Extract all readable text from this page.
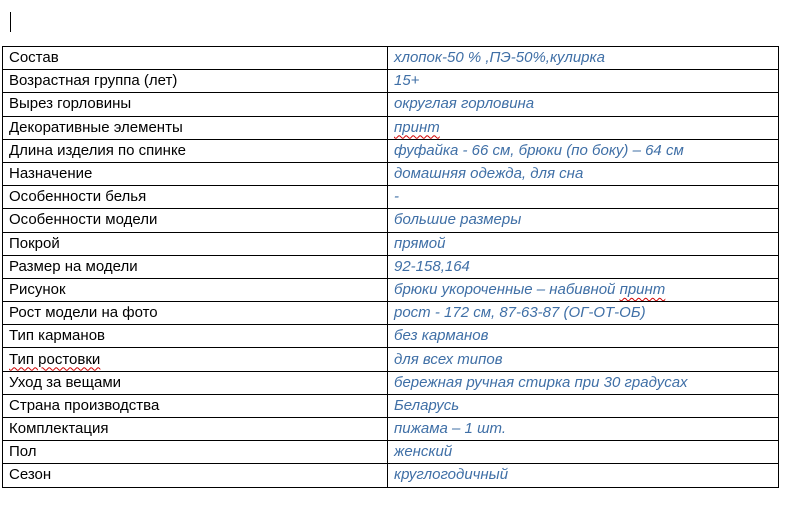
Состав	хлопок-50 % ,ПЭ-50%,кулирка
Возрастная группа (лет)	15+
Вырез горловины	округлая горловина
Декоративные элементы	принт
Длина изделия по спинке	фуфайка - 66 см, брюки (по боку) – 64 см
Назначение	домашняя одежда, для сна
Особенности белья	-
Особенности модели	большие размеры
Покрой	прямой
Размер на модели	92-158,164
Рисунок	брюки укороченные – набивной принт
Рост модели на фото	рост - 172 см, 87-63-87 (ОГ-ОТ-ОБ)
Тип карманов	без карманов
Тип ростовки	для всех типов
Уход за вещами	бережная ручная стирка при 30 градусах
Страна производства	Беларусь
Комплектация	пижама – 1 шт.
Пол	женский
Сезон	круглогодичный
